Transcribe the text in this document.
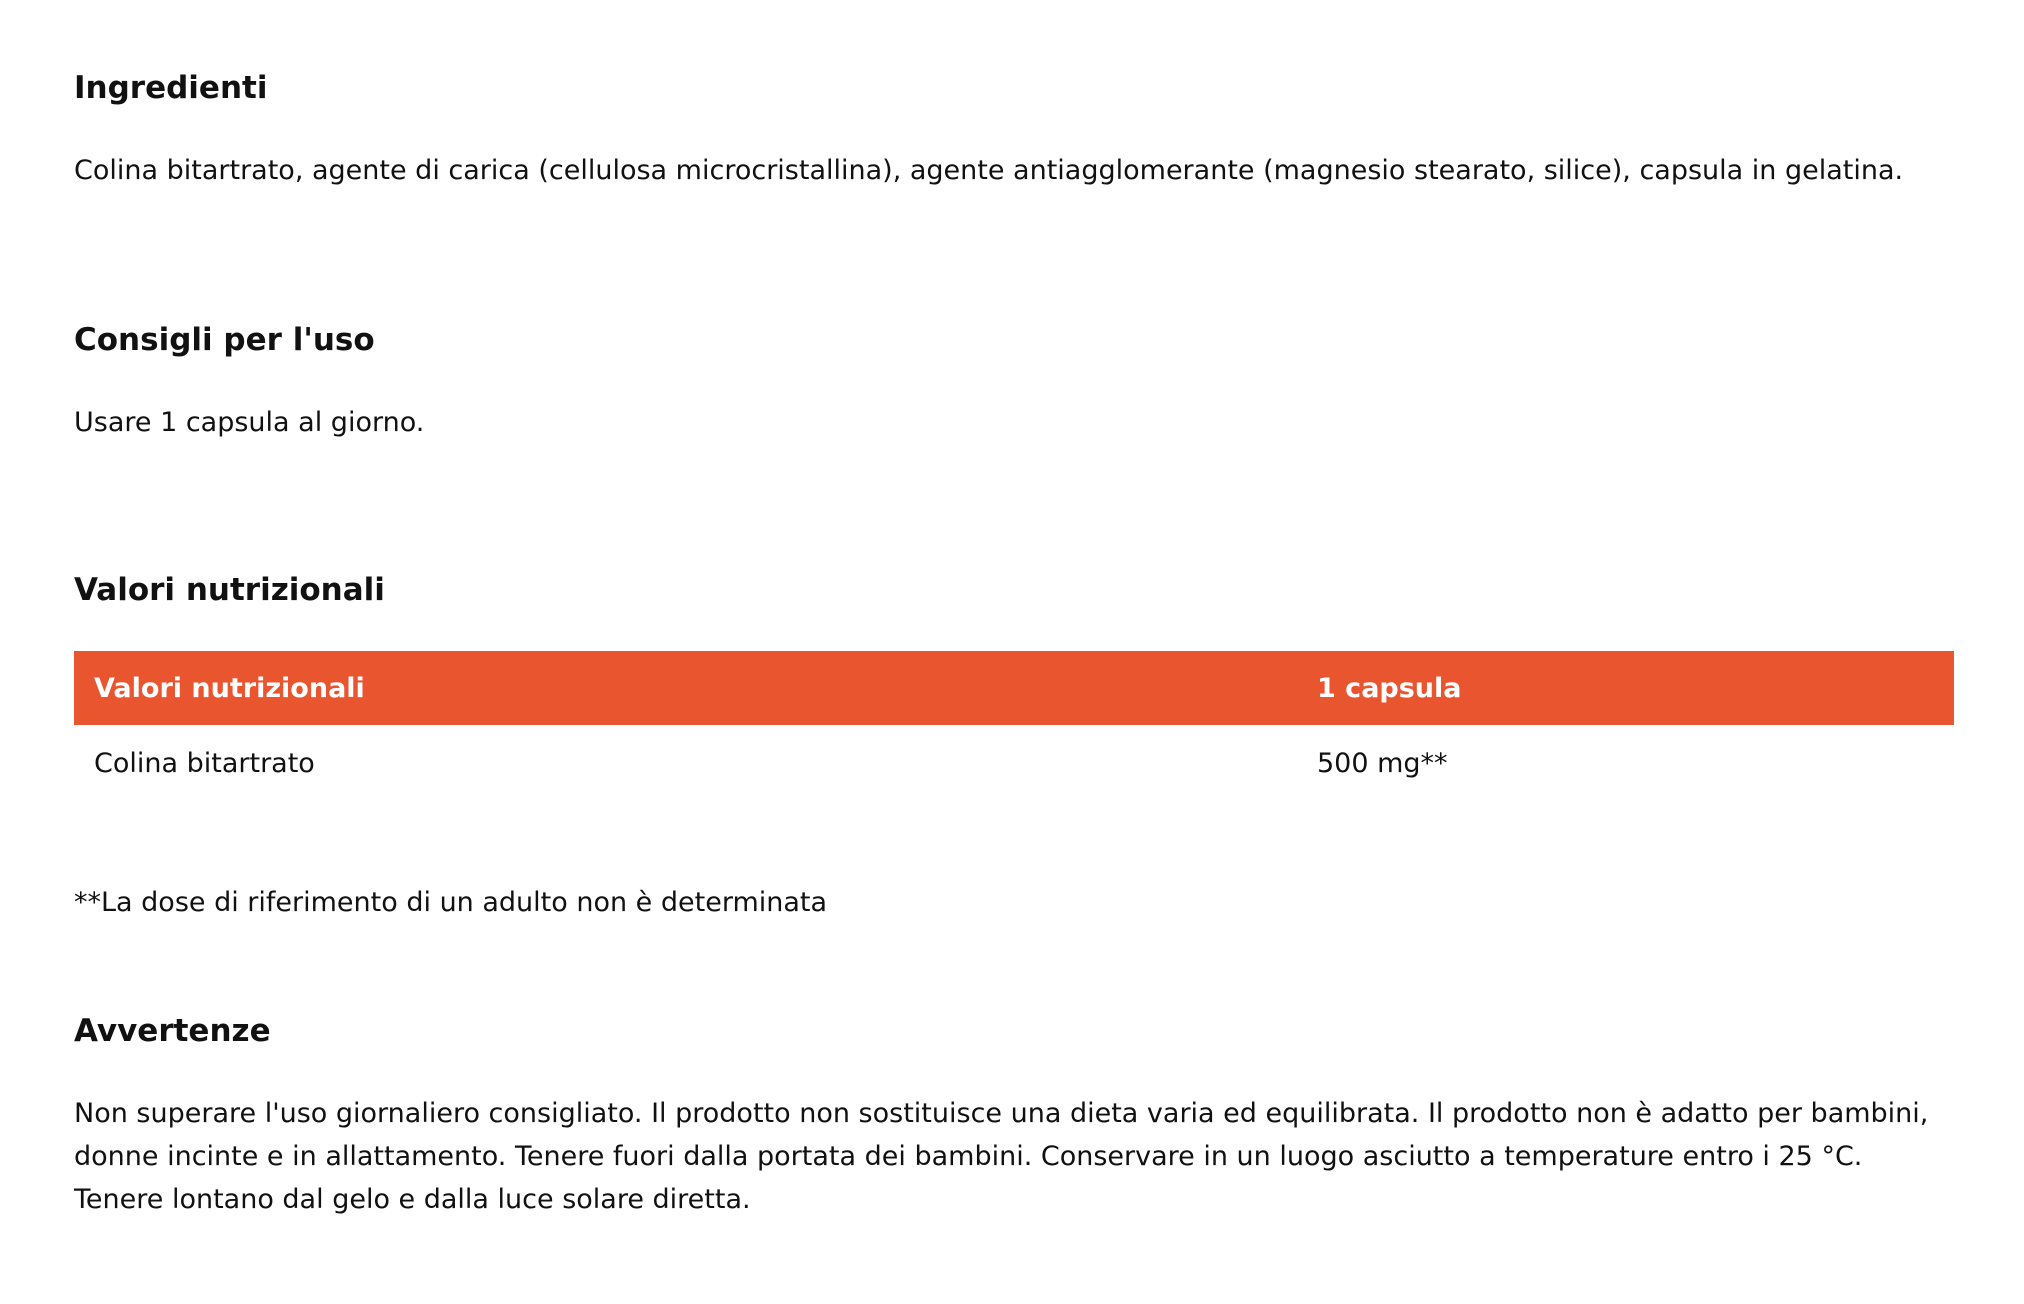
Ingredienti

Colina bitartrato, agente di carica (cellulosa microcristallina), agente antiagglomerante (magnesio stearato, silice), capsula in gelatina.

Consigli per l'uso

Usare 1 capsula al giorno.

Valori nutrizionali
Valori nutrizionali	1 capsula
Colina bitartrato	500 mg**

**La dose di riferimento di un adulto non è determinata

Avvertenze

Non superare l'uso giornaliero consigliato. Il prodotto non sostituisce una dieta varia ed equilibrata. Il prodotto non è adatto per bambini, donne incinte e in allattamento. Tenere fuori dalla portata dei bambini. Conservare in un luogo asciutto a temperature entro i 25 °C. Tenere lontano dal gelo e dalla luce solare diretta.
